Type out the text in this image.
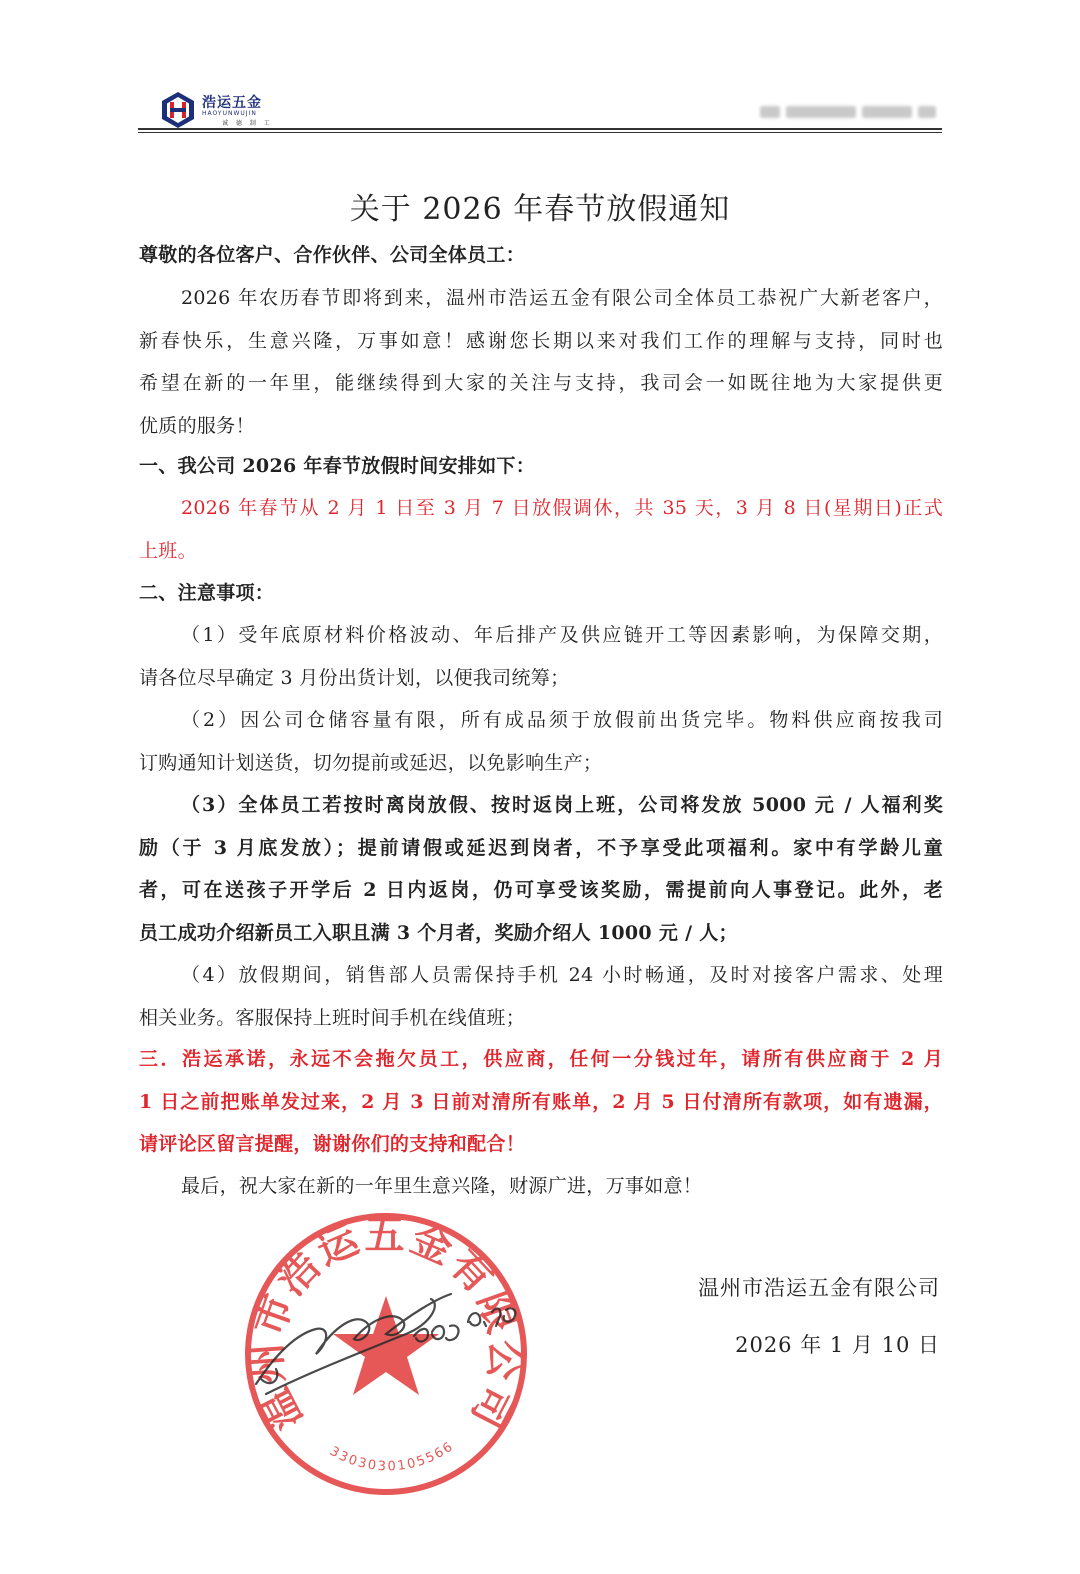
浩运五金
HAOYUNWUJIN
诚 德 制 工
关于 2026 年春节放假通知
尊敬的各位客户、合作伙伴、公司全体员工：
2026 年农历春节即将到来，温州市浩运五金有限公司全体员工恭祝广大新老客户，
新春快乐，生意兴隆，万事如意！感谢您长期以来对我们工作的理解与支持，同时也
希望在新的一年里，能继续得到大家的关注与支持，我司会一如既往地为大家提供更
优质的服务！
一、我公司 2026 年春节放假时间安排如下：
2026 年春节从 2 月 1 日至 3 月 7 日放假调休，共 35 天，3 月 8 日(星期日)正式
上班。
二、注意事项：
（1）受年底原材料价格波动、年后排产及供应链开工等因素影响，为保障交期，
请各位尽早确定 3 月份出货计划，以便我司统筹；
（2）因公司仓储容量有限，所有成品须于放假前出货完毕。物料供应商按我司
订购通知计划送货，切勿提前或延迟，以免影响生产；
（3）全体员工若按时离岗放假、按时返岗上班，公司将发放 5000 元 / 人福利奖
励（于 3 月底发放）；提前请假或延迟到岗者，不予享受此项福利。家中有学龄儿童
者，可在送孩子开学后 2 日内返岗，仍可享受该奖励，需提前向人事登记。此外，老
员工成功介绍新员工入职且满 3 个月者，奖励介绍人 1000 元 / 人；
（4）放假期间，销售部人员需保持手机 24 小时畅通，及时对接客户需求、处理
相关业务。客服保持上班时间手机在线值班；
三．浩运承诺，永远不会拖欠员工，供应商，任何一分钱过年，请所有供应商于 2 月
1 日之前把账单发过来，2 月 3 日前对清所有账单，2 月 5 日付清所有款项，如有遗漏，
请评论区留言提醒，谢谢你们的支持和配合！
最后，祝大家在新的一年里生意兴隆，财源广进，万事如意！
温州市浩运五金有限公司
3303030105566
温州市浩运五金有限公司
2026 年 1 月 10 日
